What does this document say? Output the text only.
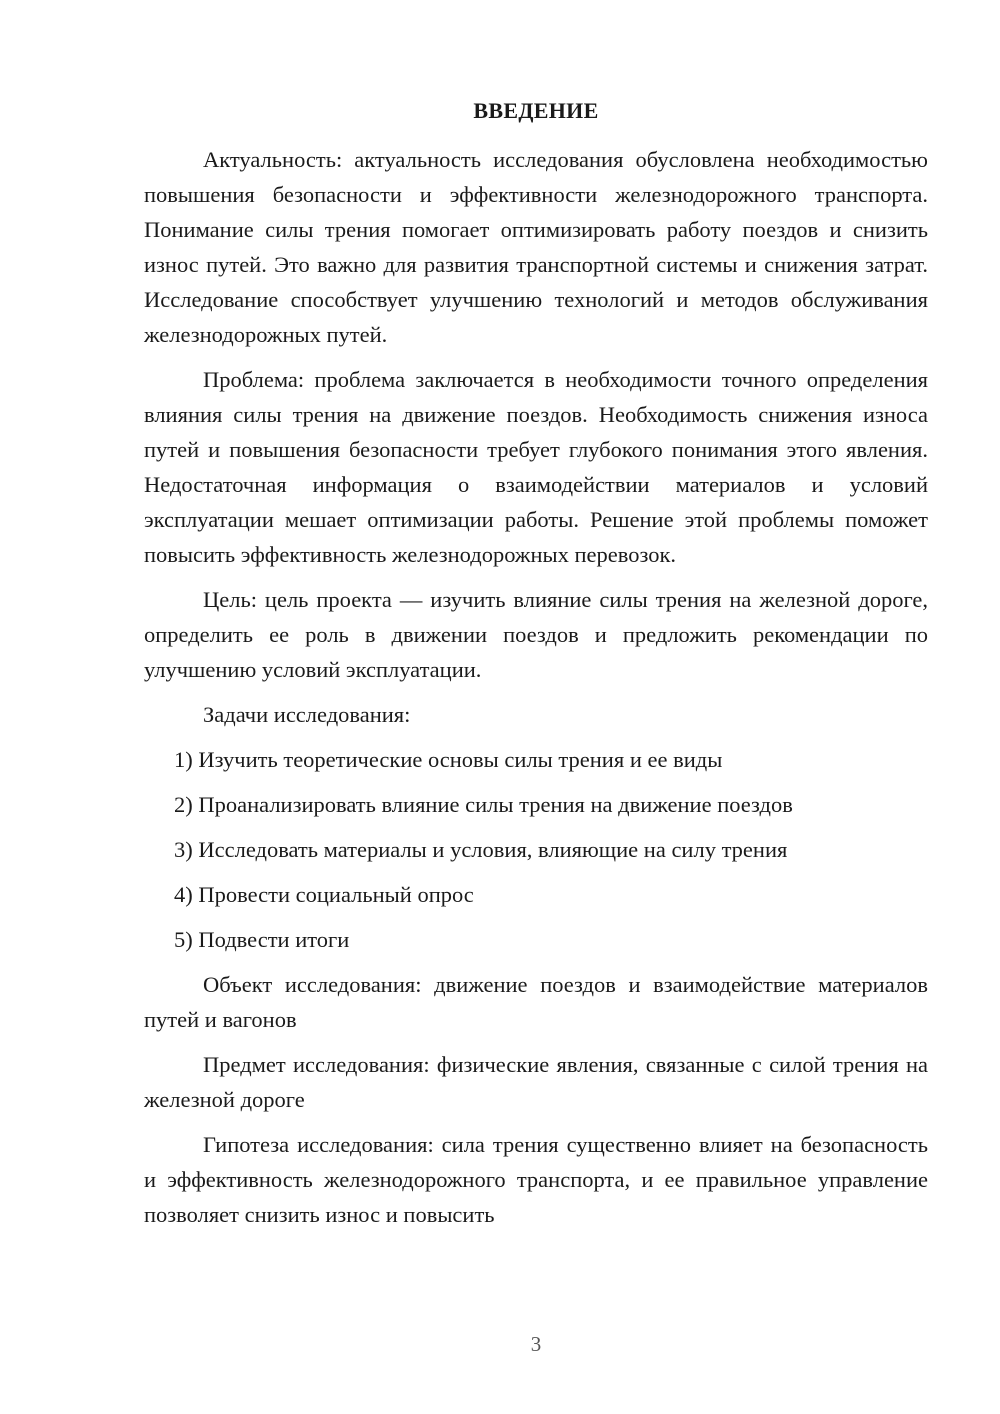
ВВЕДЕНИЕ

Актуальность: актуальность исследования обусловлена необходимостью повышения безопасности и эффективности железнодорожного транспорта. Понимание силы трения помогает оптимизировать работу поездов и снизить износ путей. Это важно для развития транспортной системы и снижения затрат. Исследование способствует улучшению технологий и методов обслуживания железнодорожных путей.

Проблема: проблема заключается в необходимости точного определения влияния силы трения на движение поездов. Необходимость снижения износа путей и повышения безопасности требует глубокого понимания этого явления. Недостаточная информация о взаимодействии материалов и условий эксплуатации мешает оптимизации работы. Решение этой проблемы поможет повысить эффективность железнодорожных перевозок.

Цель: цель проекта — изучить влияние силы трения на железной дороге, определить ее роль в движении поездов и предложить рекомендации по улучшению условий эксплуатации.

Задачи исследования:

1) Изучить теоретические основы силы трения и ее виды

2) Проанализировать влияние силы трения на движение поездов

3) Исследовать материалы и условия, влияющие на силу трения

4) Провести социальный опрос

5) Подвести итоги

Объект исследования: движение поездов и взаимодействие материалов путей и вагонов

Предмет исследования: физические явления, связанные с силой трения на железной дороге

Гипотеза исследования: сила трения существенно влияет на безопасность и эффективность железнодорожного транспорта, и ее правильное управление позволяет снизить износ и повысить

3
